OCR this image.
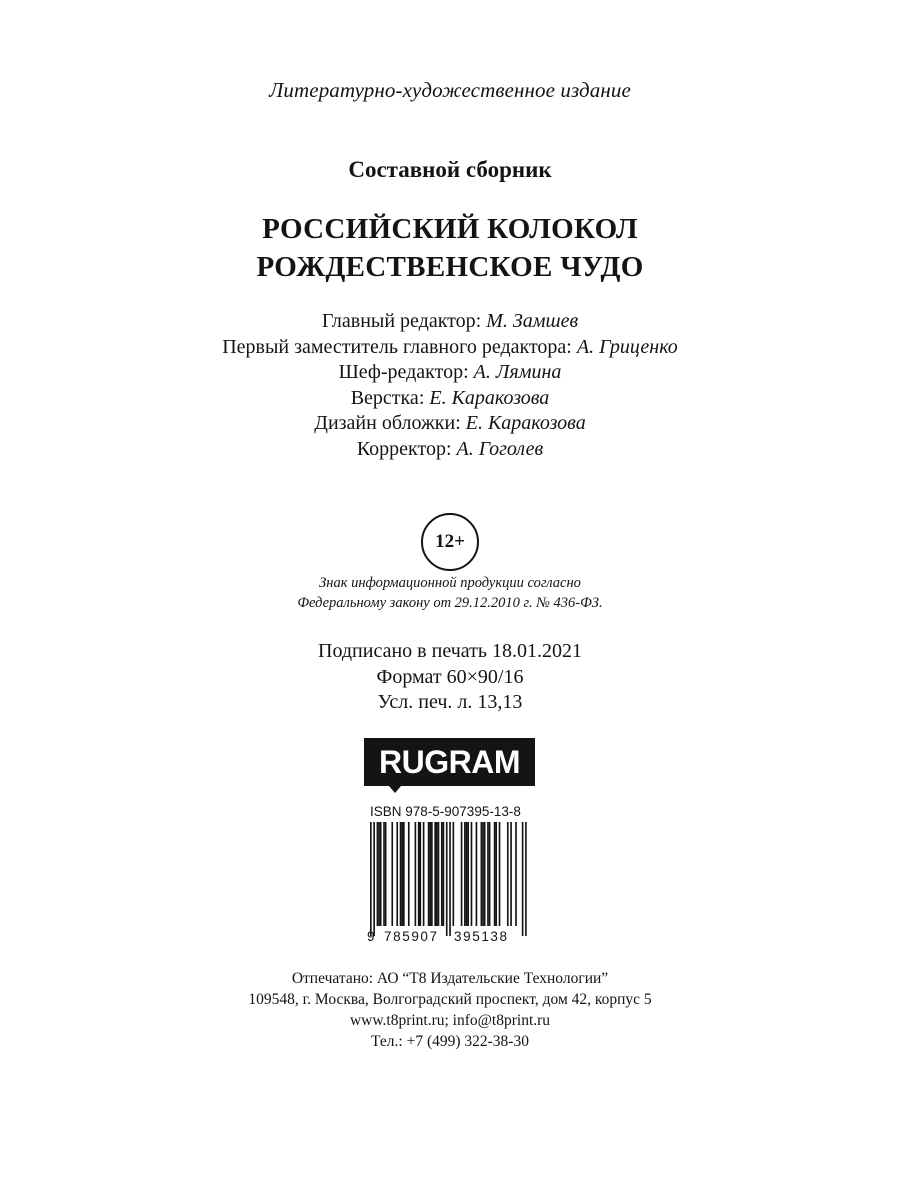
Литературно-художественное издание
Составной сборник
РОССИЙСКИЙ КОЛОКОЛ
РОЖДЕСТВЕНСКОЕ ЧУДО
Главный редактор: М. Замшев
Первый заместитель главного редактора: А. Гриценко
Шеф-редактор: А. Лямина
Верстка: Е. Каракозова
Дизайн обложки: Е. Каракозова
Корректор: А. Гоголев
12+
Знак информационной продукции согласно
Федеральному закону от 29.12.2010 г. № 436-ФЗ.
Подписано в печать 18.01.2021
Формат 60×90/16
Усл. печ. л. 13,13
RUGRAM
ISBN 978-5-907395-13-8
9 785907 395138
Отпечатано: АО “Т8 Издательские Технологии”
109548, г. Москва, Волгоградский проспект, дом 42, корпус 5
www.t8print.ru; info@t8print.ru
Тел.: +7 (499) 322-38-30
